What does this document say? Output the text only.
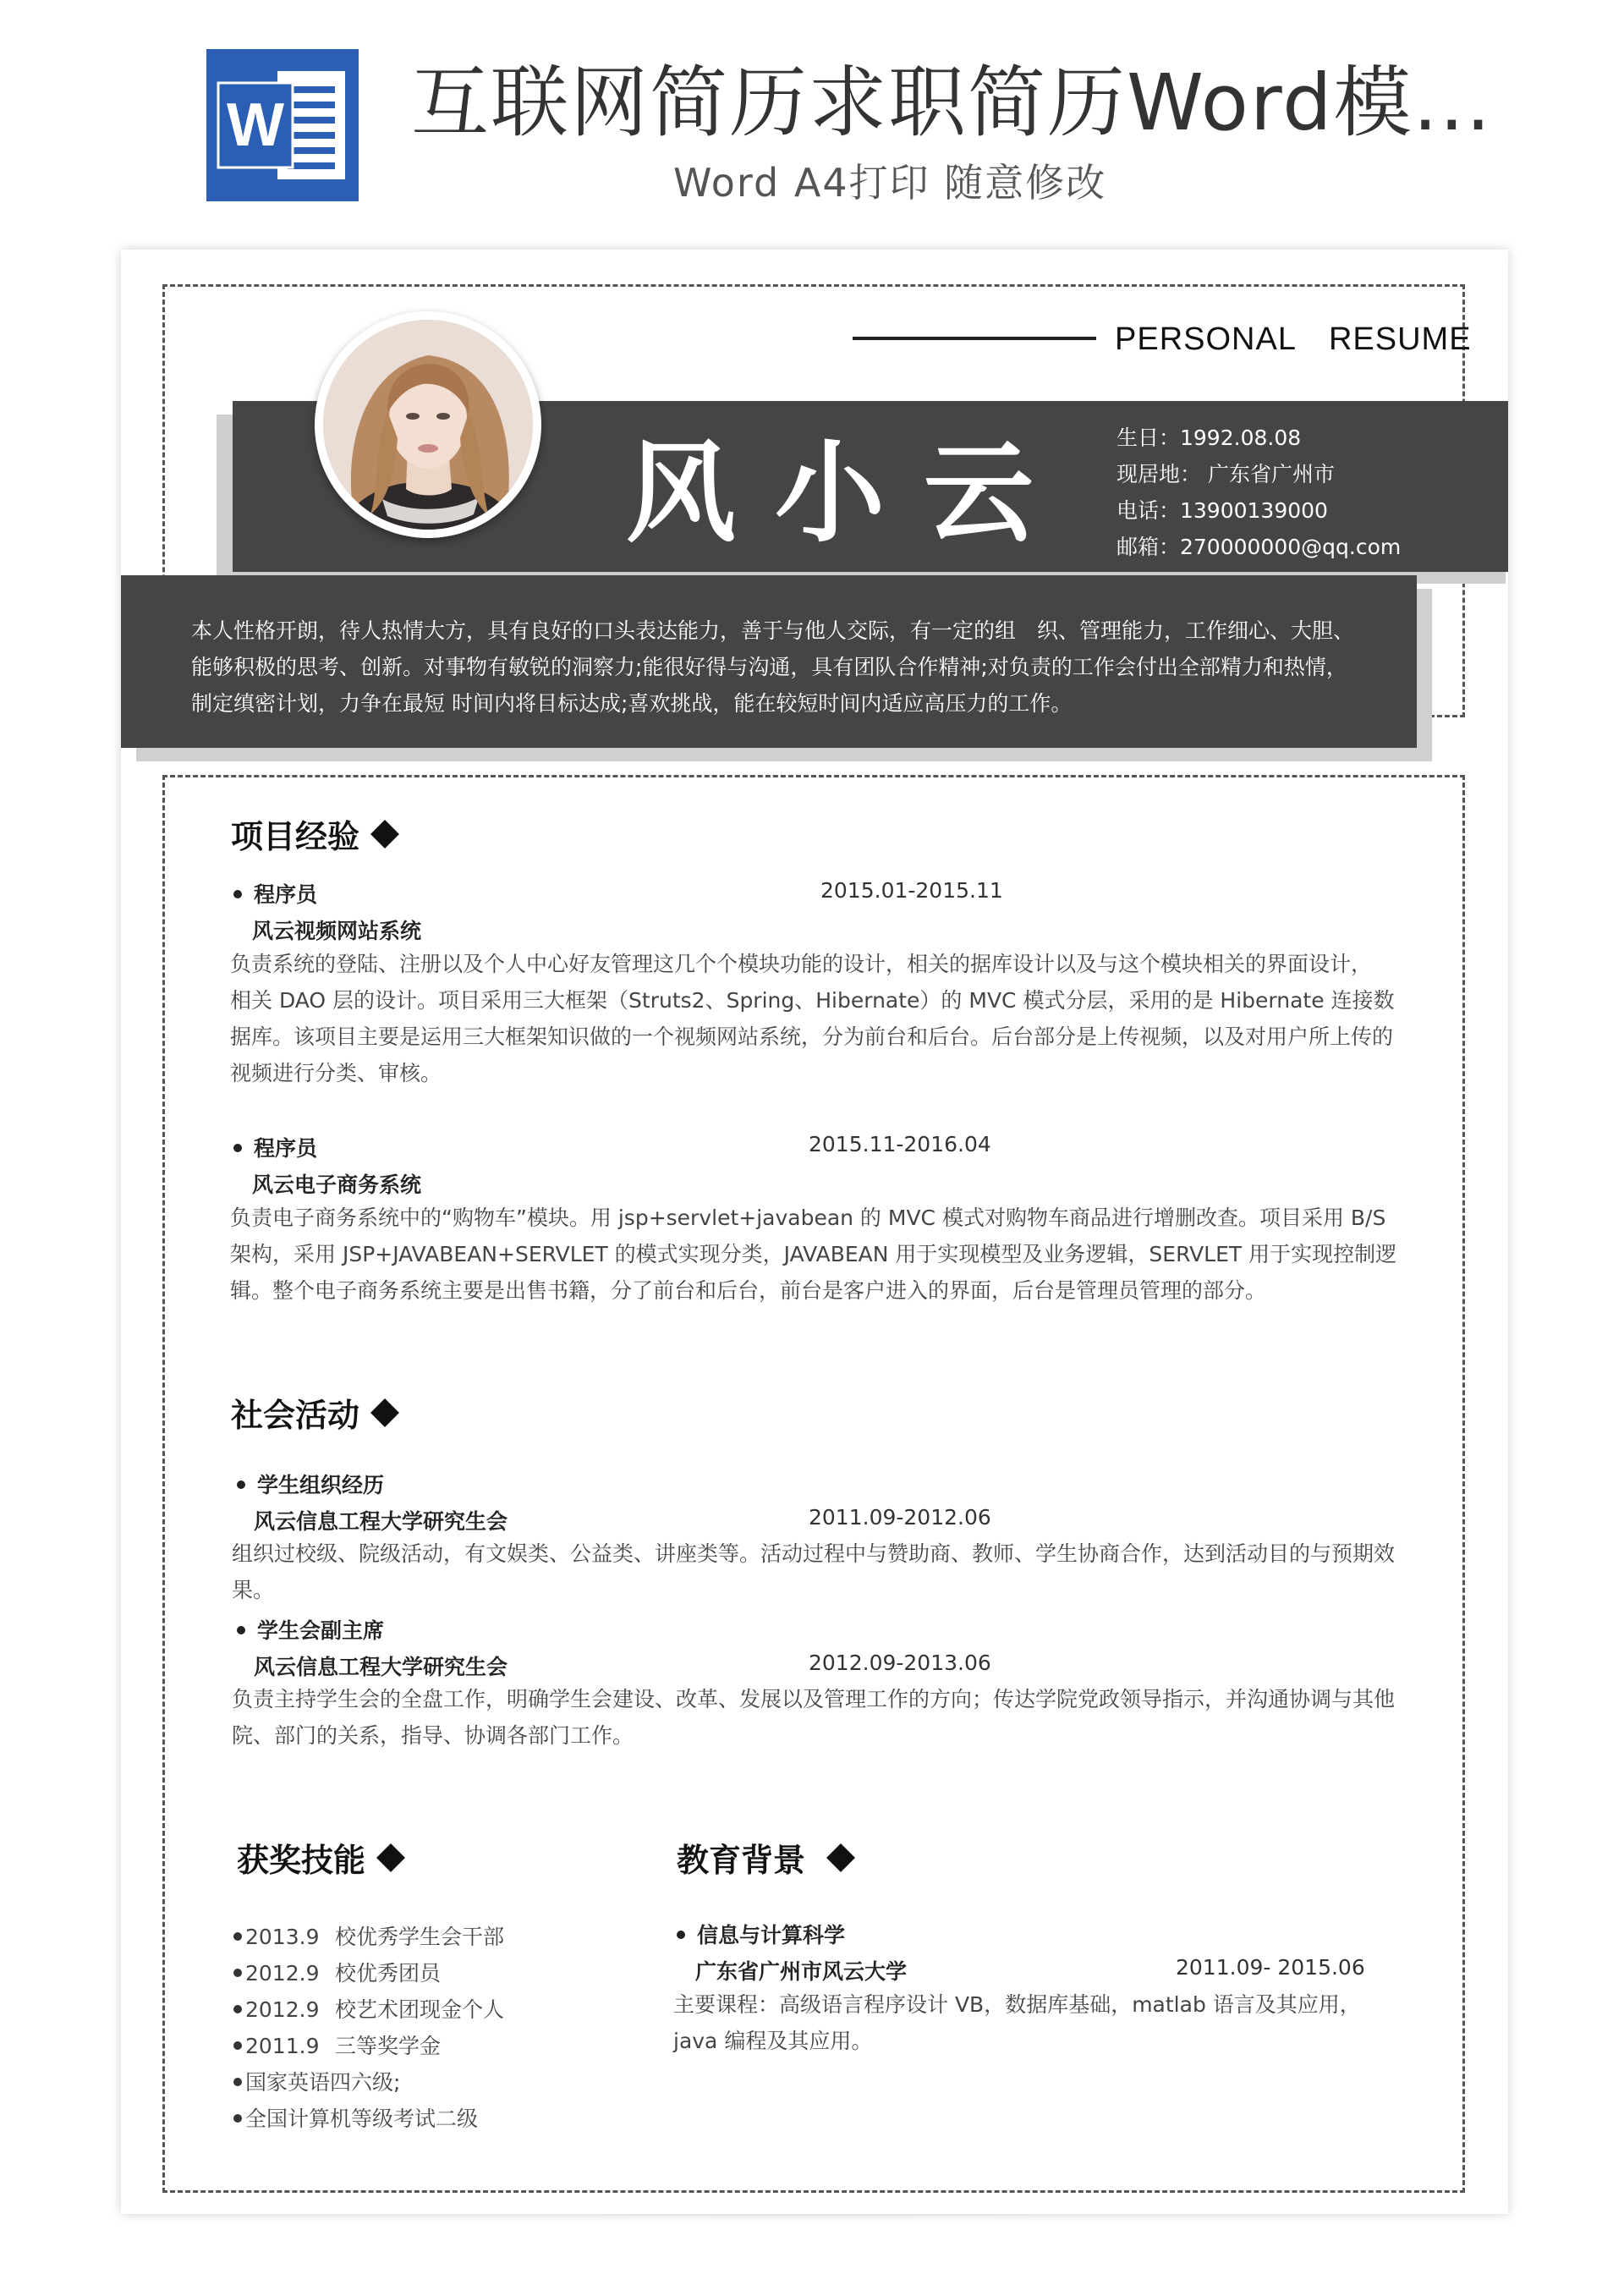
W 互联网简历求职简历Word模...
Word A4打印 随意修改
PERSONAL RESUME
风小云 生日：1992.08.08
现居地： 广东省广州市
电话：13900139000
邮箱：270000000@qq.com
本人性格开朗，待人热情大方，具有良好的口头表达能力，善于与他人交际，有一定的组　织、管理能力，工作细心、大胆、能够积极的思考、创新。对事物有敏锐的洞察力;能很好得与沟通，具有团队合作精神;对负责的工作会付出全部精力和热情，制定缜密计划，力争在最短 时间内将目标达成;喜欢挑战，能在较短时间内适应高压力的工作。
项目经验
程序员	2015.01-2015.11
风云视频网站系统
负责系统的登陆、注册以及个人中心好友管理这几个个模块功能的设计，相关的据库设计以及与这个模块相关的界面设计，　相关 DAO 层的设计。项目采用三大框架（Struts2、Spring、Hibernate）的 MVC 模式分层，采用的是 Hibernate 连接数据库。该项目主要是运用三大框架知识做的一个视频网站系统，分为前台和后台。后台部分是上传视频，以及对用户所上传的视频进行分类、审核。
程序员	2015.11-2016.04
风云电子商务系统
负责电子商务系统中的“购物车”模块。用 jsp+servlet+javabean 的 MVC 模式对购物车商品进行增删改查。项目采用 B/S 架构，采用 JSP+JAVABEAN+SERVLET 的模式实现分类，JAVABEAN 用于实现模型及业务逻辑，SERVLET 用于实现控制逻辑。整个电子商务系统主要是出售书籍，分了前台和后台，前台是客户进入的界面，后台是管理员管理的部分。
社会活动
学生组织经历
风云信息工程大学研究生会	2011.09-2012.06
组织过校级、院级活动，有文娱类、公益类、讲座类等。活动过程中与赞助商、教师、学生协商合作，达到活动目的与预期效果。
学生会副主席
风云信息工程大学研究生会	2012.09-2013.06
负责主持学生会的全盘工作，明确学生会建设、改革、发展以及管理工作的方向；传达学院党政领导指示，并沟通协调与其他院、部门的关系，指导、协调各部门工作。
获奖技能
2013.9 校优秀学生会干部
2012.9 校优秀团员
2012.9 校艺术团现金个人
2011.9 三等奖学金
国家英语四六级;
全国计算机等级考试二级
教育背景
信息与计算科学
广东省广州市风云大学	2011.09- 2015.06
主要课程：高级语言程序设计 VB，数据库基础，matlab 语言及其应用，java 编程及其应用。
